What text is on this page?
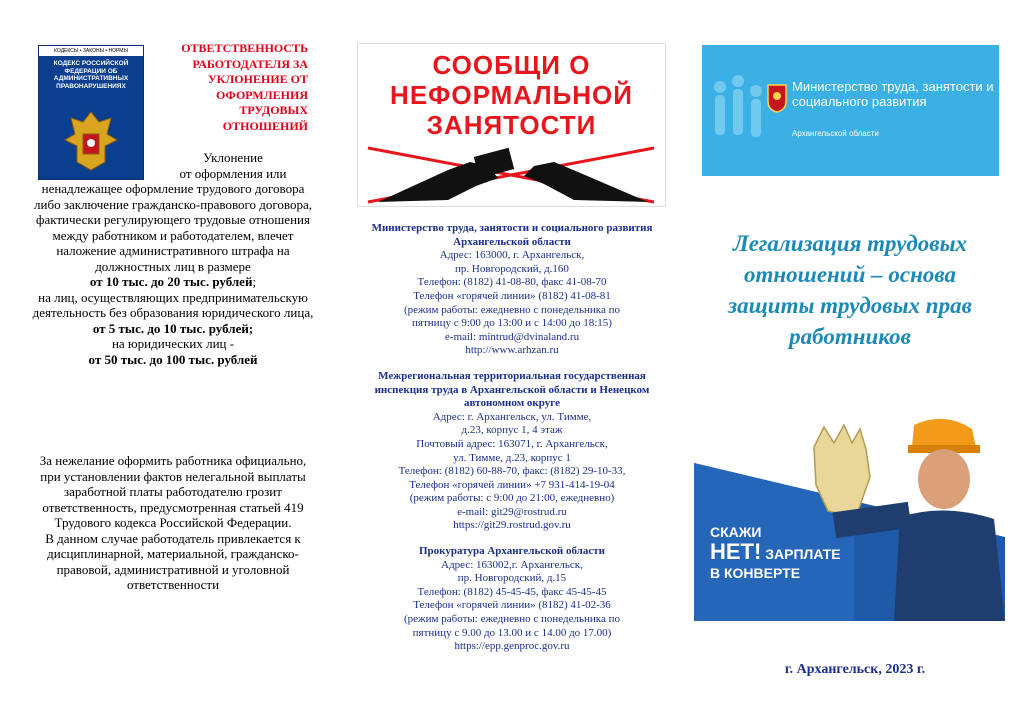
КОДЕКСЫ • ЗАКОНЫ • НОРМЫ
КОДЕКС РОССИЙСКОЙ ФЕДЕРАЦИИ ОБ АДМИНИСТРАТИВНЫХ ПРАВОНАРУШЕНИЯХ
ОТВЕТСТВЕННОСТЬ РАБОТОДАТЕЛЯ ЗА УКЛОНЕНИЕ ОТ ОФОРМЛЕНИЯ ТРУДОВЫХ ОТНОШЕНИЙ
Уклонение
от оформления или
ненадлежащее оформление трудового договора либо заключение гражданско-правового договора, фактически регулирующего трудовые отношения между работником и работодателем, влечет наложение административного штрафа на должностных лиц в размере
от 10 тыс. до 20 тыс. рублей;
на лиц, осуществляющих предпринимательскую деятельность без образования юридического лица,
от 5 тыс. до 10 тыс. рублей;
на юридических лиц -
от 50 тыс. до 100 тыс. рублей
За нежелание оформить работника официально, при установлении фактов нелегальной выплаты заработной платы работодателю грозит ответственность, предусмотренная статьей 419 Трудового кодекса Российской Федерации.
В данном случае работодатель привлекается к дисциплинарной, материальной, гражданско-правовой, административной и уголовной ответственности
СООБЩИ О НЕФОРМАЛЬНОЙ ЗАНЯТОСТИ
Министерство труда, занятости и социального развития Архангельской области
Адрес: 163000, г. Архангельск,
пр. Новгородский, д.160
Телефон: (8182) 41-08-80, факс 41-08-70
Телефон «горячей линии» (8182) 41-08-81
(режим работы: ежедневно с понедельника по
пятницу с 9:00 до 13:00 и с 14:00 до 18:15)
e-mail: mintrud@dvinaland.ru
http://www.arhzan.ru
Межрегиональная территориальная государственная инспекция труда в Архангельской области и Ненецком автономном округе
Адрес: г. Архангельск, ул. Тимме,
д.23, корпус 1, 4 этаж
Почтовый адрес: 163071, г. Архангельск,
ул. Тимме, д.23, корпус 1
Телефон: (8182) 60-88-70, факс: (8182) 29-10-33,
Телефон «горячей линии» +7 931-414-19-04
(режим работы: с 9:00 до 21:00, ежедневно)
e-mail: git29@rostrud.ru
https://git29.rostrud.gov.ru
Прокуратура Архангельской области
Адрес: 163002,г. Архангельск,
пр. Новгородский, д.15
Телефон: (8182) 45-45-45, факс 45-45-45
Телефон «горячей линии» (8182) 41-02-36
(режим работы: ежедневно с понедельника по
пятницу с 9.00 до 13.00 и с 14.00 до 17.00)
https://epp.genproc.gov.ru
Министерство труда, занятости и социального развития
Архангельской области
Легализация трудовых отношений – основа защиты трудовых прав работников
СКАЖИ
НЕТ! ЗАРПЛАТЕ
В КОНВЕРТЕ
г. Архангельск, 2023 г.
